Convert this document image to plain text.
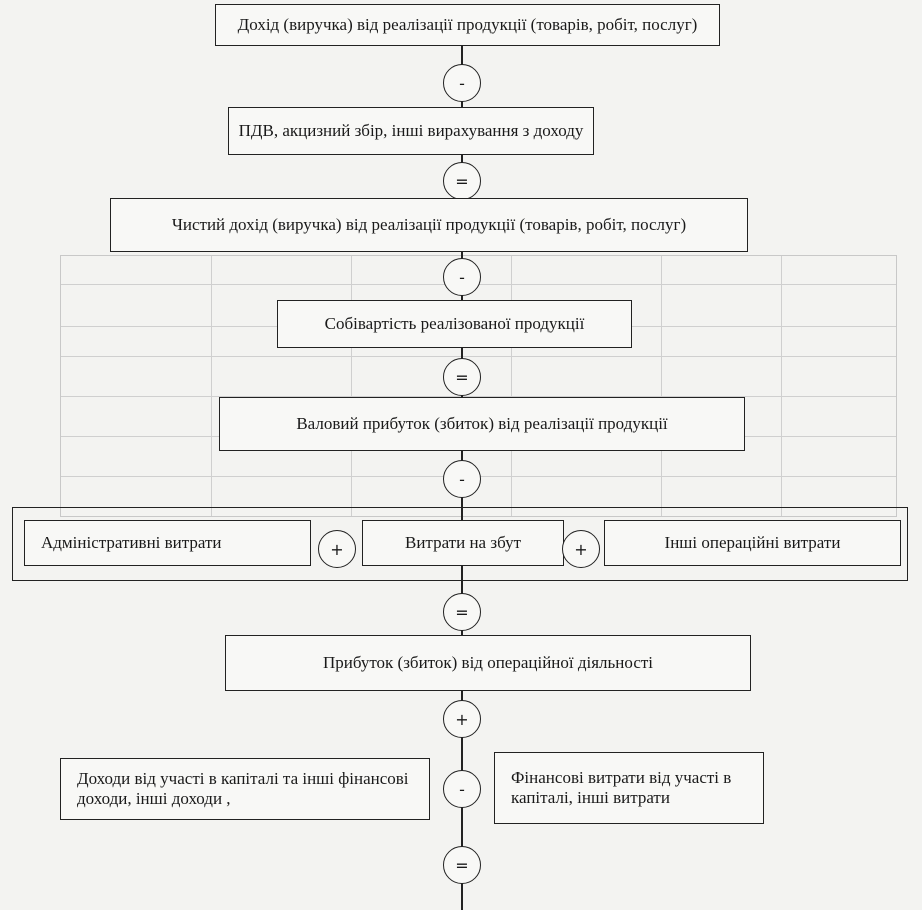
Дохід (виручка) від реалізації продукції (товарів, робіт, послуг)
-
ПДВ, акцизний збір, інші вирахування з доходу
=
Чистий дохід (виручка) від реалізації продукції (товарів, робіт, послуг)
-
Собівартість реалізованої продукції
=
Валовий прибуток (збиток) від реалізації продукції
-
Адміністративні витрати	+	Витрати на збут	+	Інші операційні витрати
=
Прибуток (збиток) від операційної діяльності
+
Доходи від участі в капіталі та інші фінансові доходи, інші доходи ,	-
Фінансові витрати від участі в капіталі, інші витрати
=
